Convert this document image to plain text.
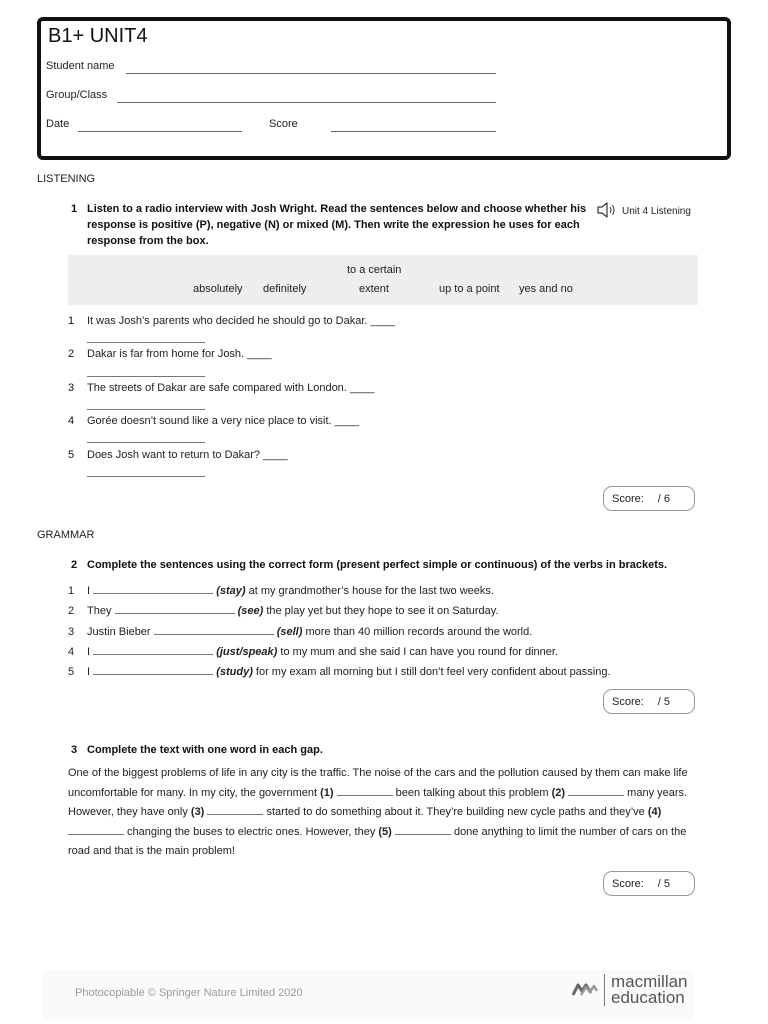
B1+ UNIT4
Student name
Group/Class
Date	Score
LISTENING
1 Listen to a radio interview with Josh Wright. Read the sentences below and choose whether his
response is positive (P), negative (N) or mixed (M). Then write the expression he uses for each
response from the box.
Unit 4 Listening
absolutely definitely
to a certain
extent	up to a point yes and no
1 It was Josh’s parents who decided he should go to Dakar. ____
2 Dakar is far from home for Josh. ____
3 The streets of Dakar are safe compared with London. ____
4 Gorée doesn’t sound like a very nice place to visit. ____
5 Does Josh want to return to Dakar? ____
Score: / 6
GRAMMAR
2 Complete the sentences using the correct form (present perfect simple or continuous) of the verbs in brackets.
1 I	(stay) at my grandmother’s house for the last two weeks.
2 They	(see) the play yet but they hope to see it on Saturday.
3 Justin Bieber	(sell) more than 40 million records around the world.
4 I	(just/speak) to my mum and she said I can have you round for dinner.
5 I	(study) for my exam all morning but I still don’t feel very confident about passing.
Score: / 5
3 Complete the text with one word in each gap.
One of the biggest problems of life in any city is the traffic. The noise of the cars and the pollution caused by them can make life uncomfortable for many. In my city, the government (1)	been talking about this problem (2)	many years. However, they have only (3)	started to do something about it. They’re building new cycle paths and they’ve (4)  changing the buses to electric ones. However, they (5)	done anything to limit the number of cars on the road and that is the main problem!
Score: / 5
Photocopiable © Springer Nature Limited 2020
macmillan
education
